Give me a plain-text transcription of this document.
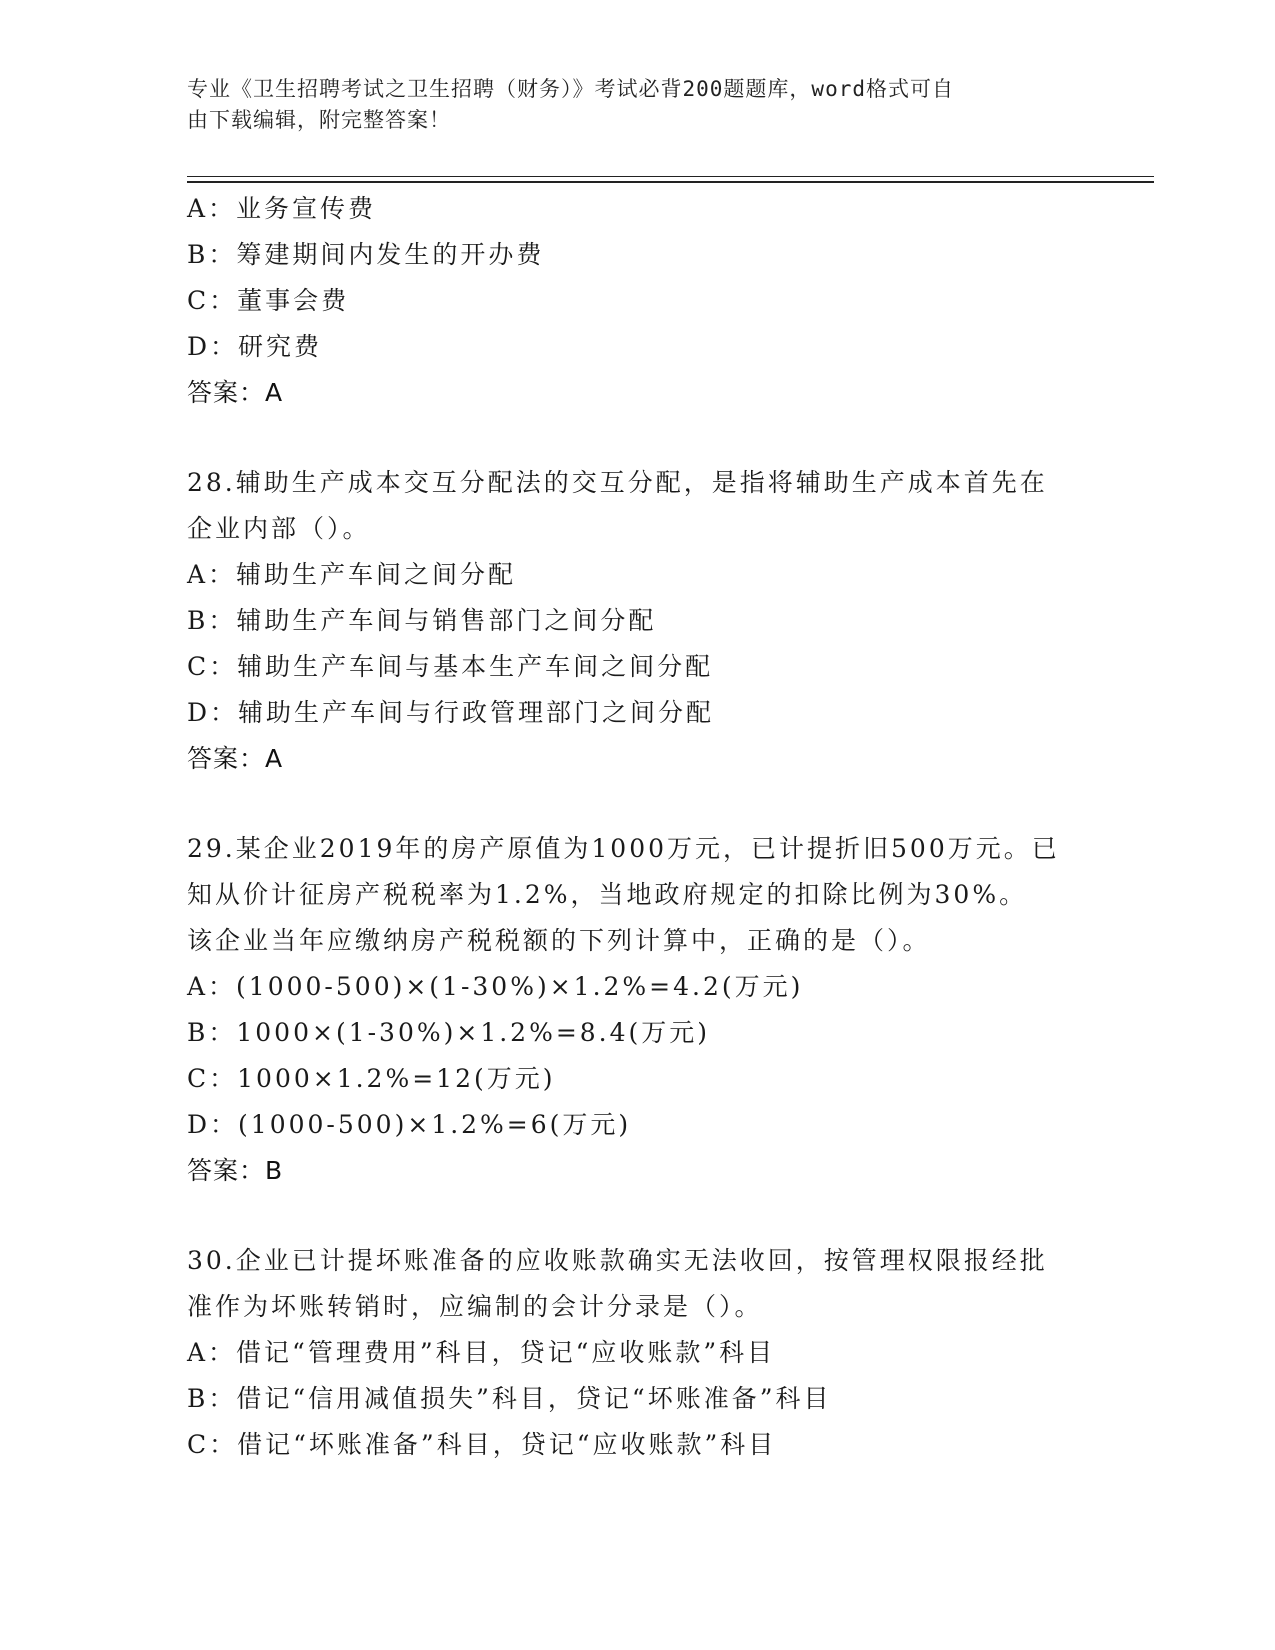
专业《卫生招聘考试之卫生招聘（财务）》考试必背200题题库，word格式可自
由下载编辑，附完整答案！
A：业务宣传费
B：筹建期间内发生的开办费
C：董事会费
D：研究费
答案：A
28.辅助生产成本交互分配法的交互分配，是指将辅助生产成本首先在
企业内部（）。
A：辅助生产车间之间分配
B：辅助生产车间与销售部门之间分配
C：辅助生产车间与基本生产车间之间分配
D：辅助生产车间与行政管理部门之间分配
答案：A
29.某企业2019年的房产原值为1000万元，已计提折旧500万元。已
知从价计征房产税税率为1.2%，当地政府规定的扣除比例为30%。
该企业当年应缴纳房产税税额的下列计算中，正确的是（）。
A：(1000-500)×(1-30%)×1.2%=4.2(万元)
B：1000×(1-30%)×1.2%=8.4(万元)
C：1000×1.2%=12(万元)
D：(1000-500)×1.2%=6(万元)
答案：B
30.企业已计提坏账准备的应收账款确实无法收回，按管理权限报经批
准作为坏账转销时，应编制的会计分录是（）。
A：借记“管理费用”科目，贷记“应收账款”科目
B：借记“信用减值损失”科目，贷记“坏账准备”科目
C：借记“坏账准备”科目，贷记“应收账款”科目
